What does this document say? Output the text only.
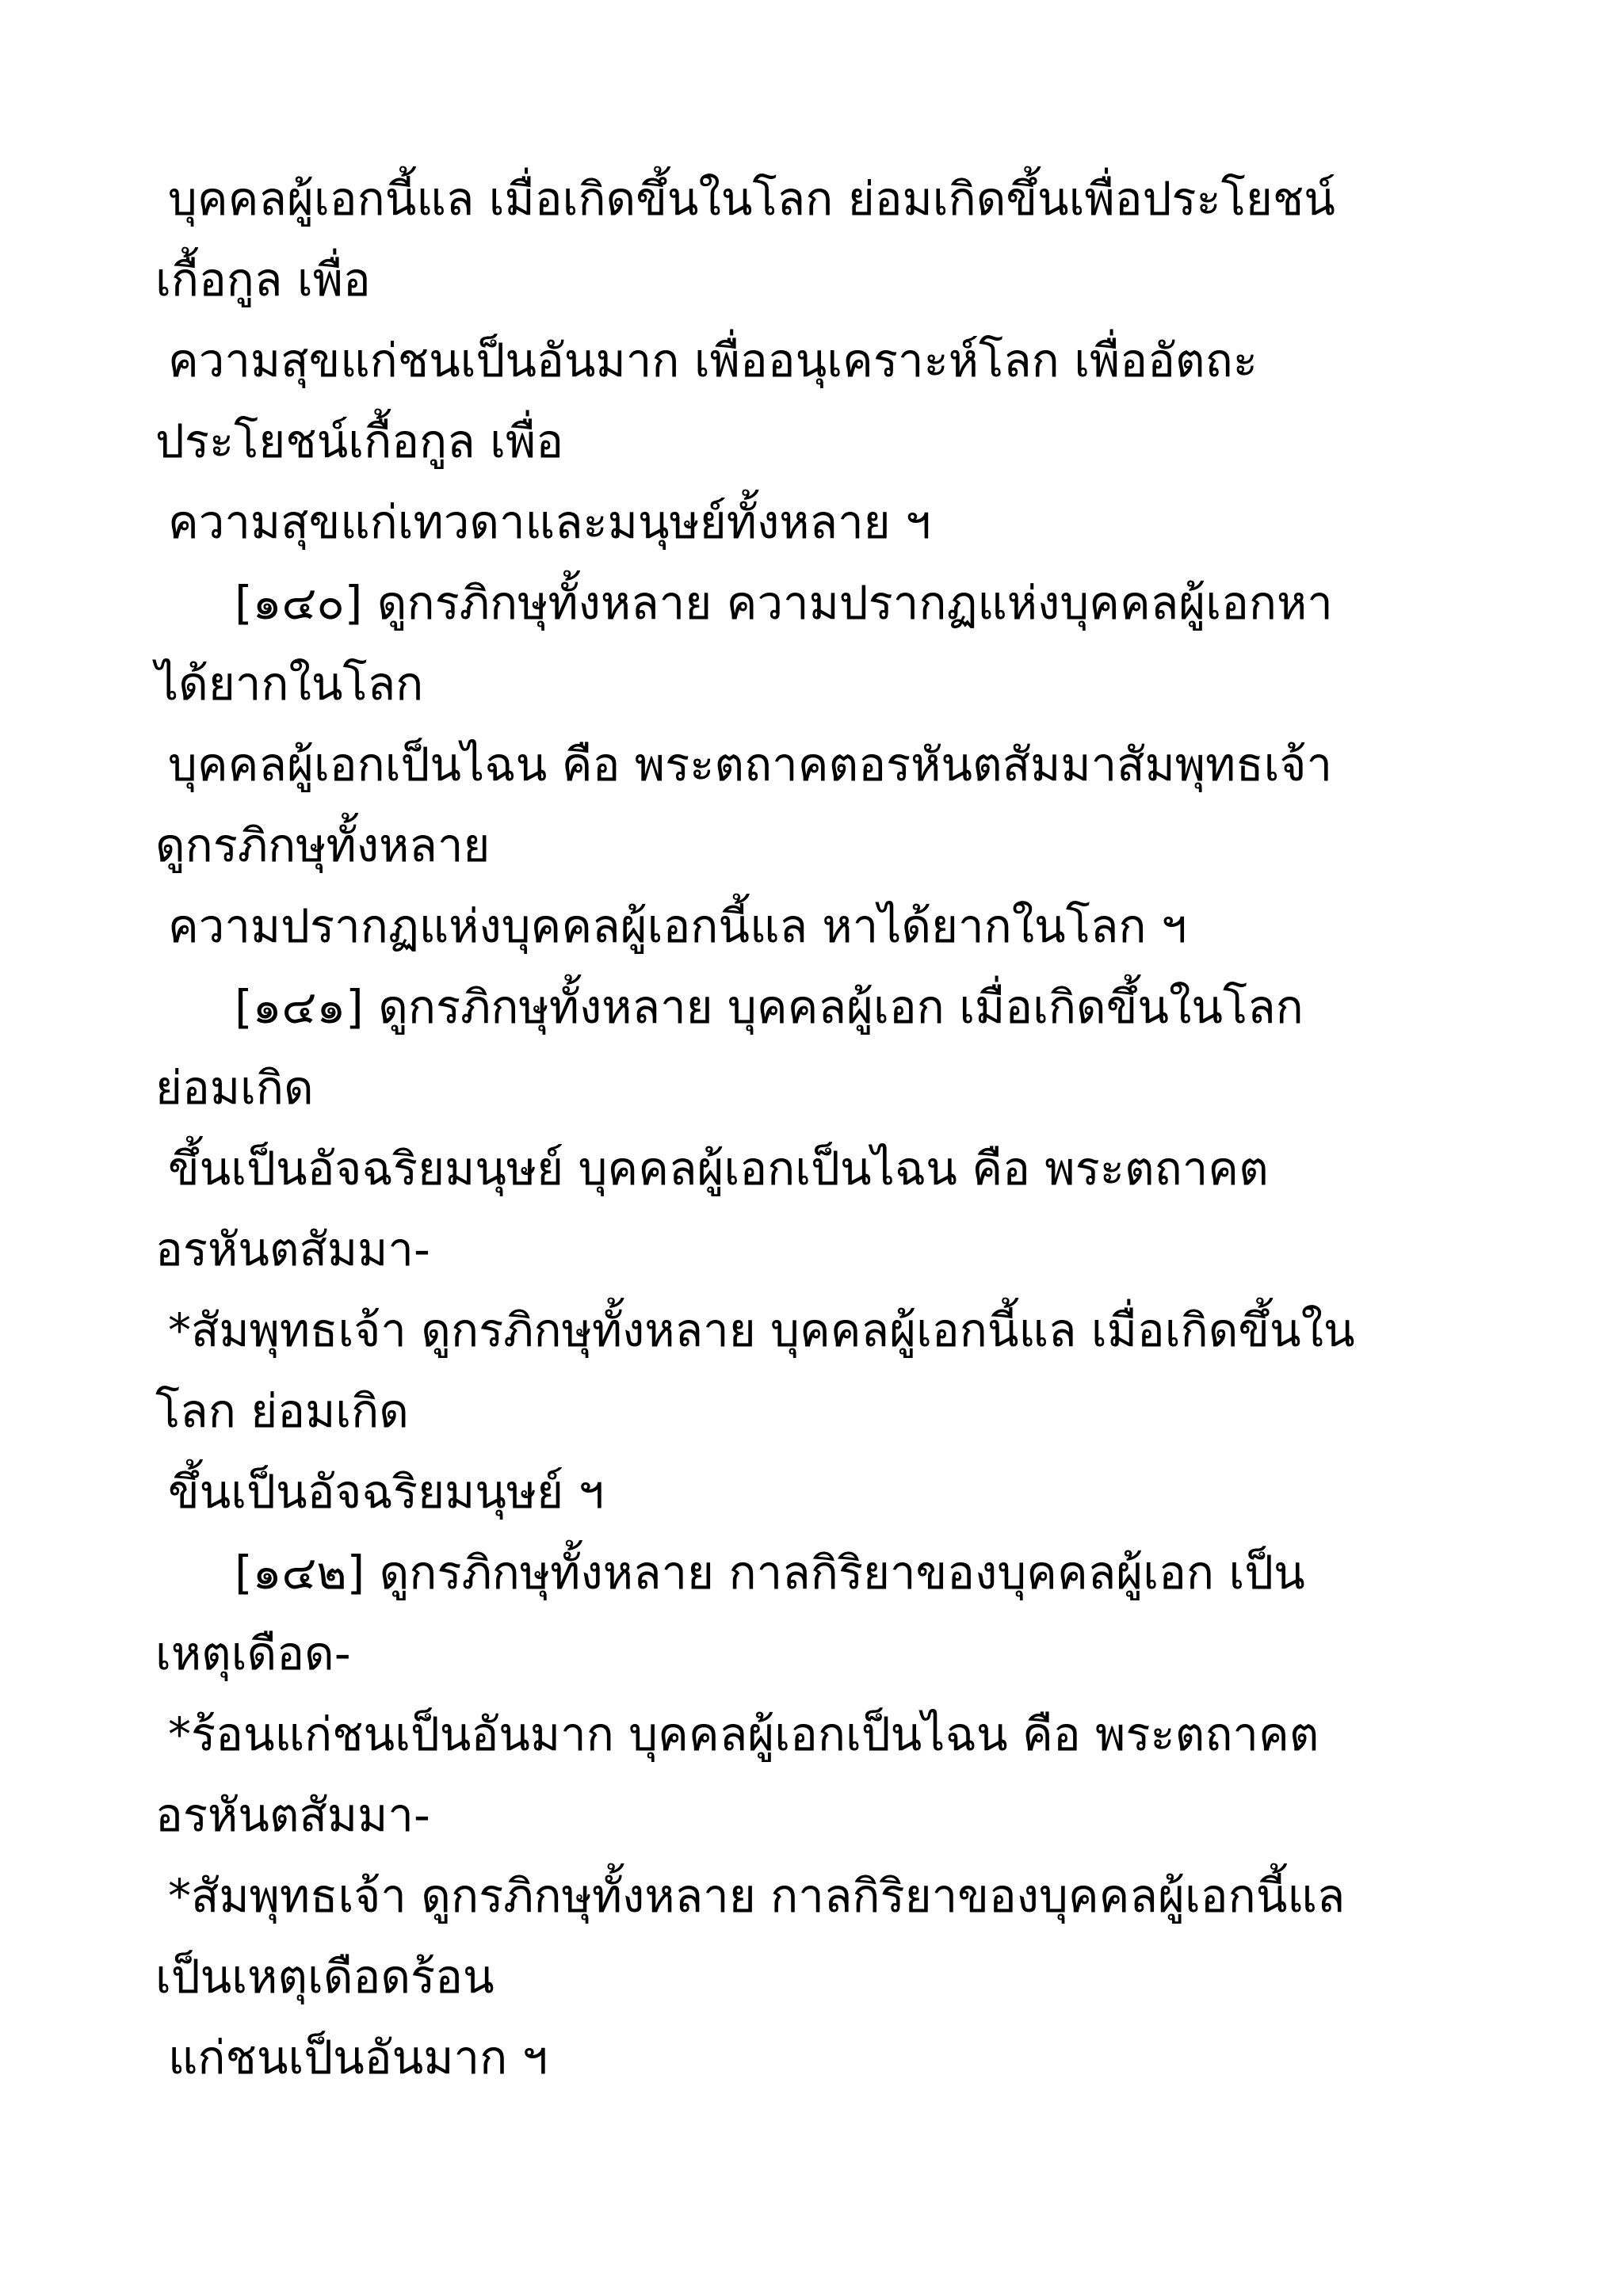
บุคคลผู้เอกนี้แล เมื่อเกิดขึ้นในโลก ย่อมเกิดขึ้นเพื่อประโยชน์

เกื้อกูล เพื่อ

ความสุขแก่ชนเป็นอันมาก เพื่ออนุเคราะห์โลก เพื่ออัตถะ

ประโยชน์เกื้อกูล เพื่อ

ความสุขแก่เทวดาและมนุษย์ทั้งหลาย ฯ

[๑๔๐] ดูกรภิกษุทั้งหลาย ความปรากฏแห่งบุคคลผู้เอกหา

ได้ยากในโลก

บุคคลผู้เอกเป็นไฉน คือ พระตถาคตอรหันตสัมมาสัมพุทธเจ้า

ดูกรภิกษุทั้งหลาย

ความปรากฏแห่งบุคคลผู้เอกนี้แล หาได้ยากในโลก ฯ

[๑๔๑] ดูกรภิกษุทั้งหลาย บุคคลผู้เอก เมื่อเกิดขึ้นในโลก

ย่อมเกิด

ขึ้นเป็นอัจฉริยมนุษย์ บุคคลผู้เอกเป็นไฉน คือ พระตถาคต

อรหันตสัมมา-

*สัมพุทธเจ้า ดูกรภิกษุทั้งหลาย บุคคลผู้เอกนี้แล เมื่อเกิดขึ้นใน

โลก ย่อมเกิด

ขึ้นเป็นอัจฉริยมนุษย์ ฯ

[๑๔๒] ดูกรภิกษุทั้งหลาย กาลกิริยาของบุคคลผู้เอก เป็น

เหตุเดือด-

*ร้อนแก่ชนเป็นอันมาก บุคคลผู้เอกเป็นไฉน คือ พระตถาคต

อรหันตสัมมา-

*สัมพุทธเจ้า ดูกรภิกษุทั้งหลาย กาลกิริยาของบุคคลผู้เอกนี้แล

เป็นเหตุเดือดร้อน

แก่ชนเป็นอันมาก ฯ
